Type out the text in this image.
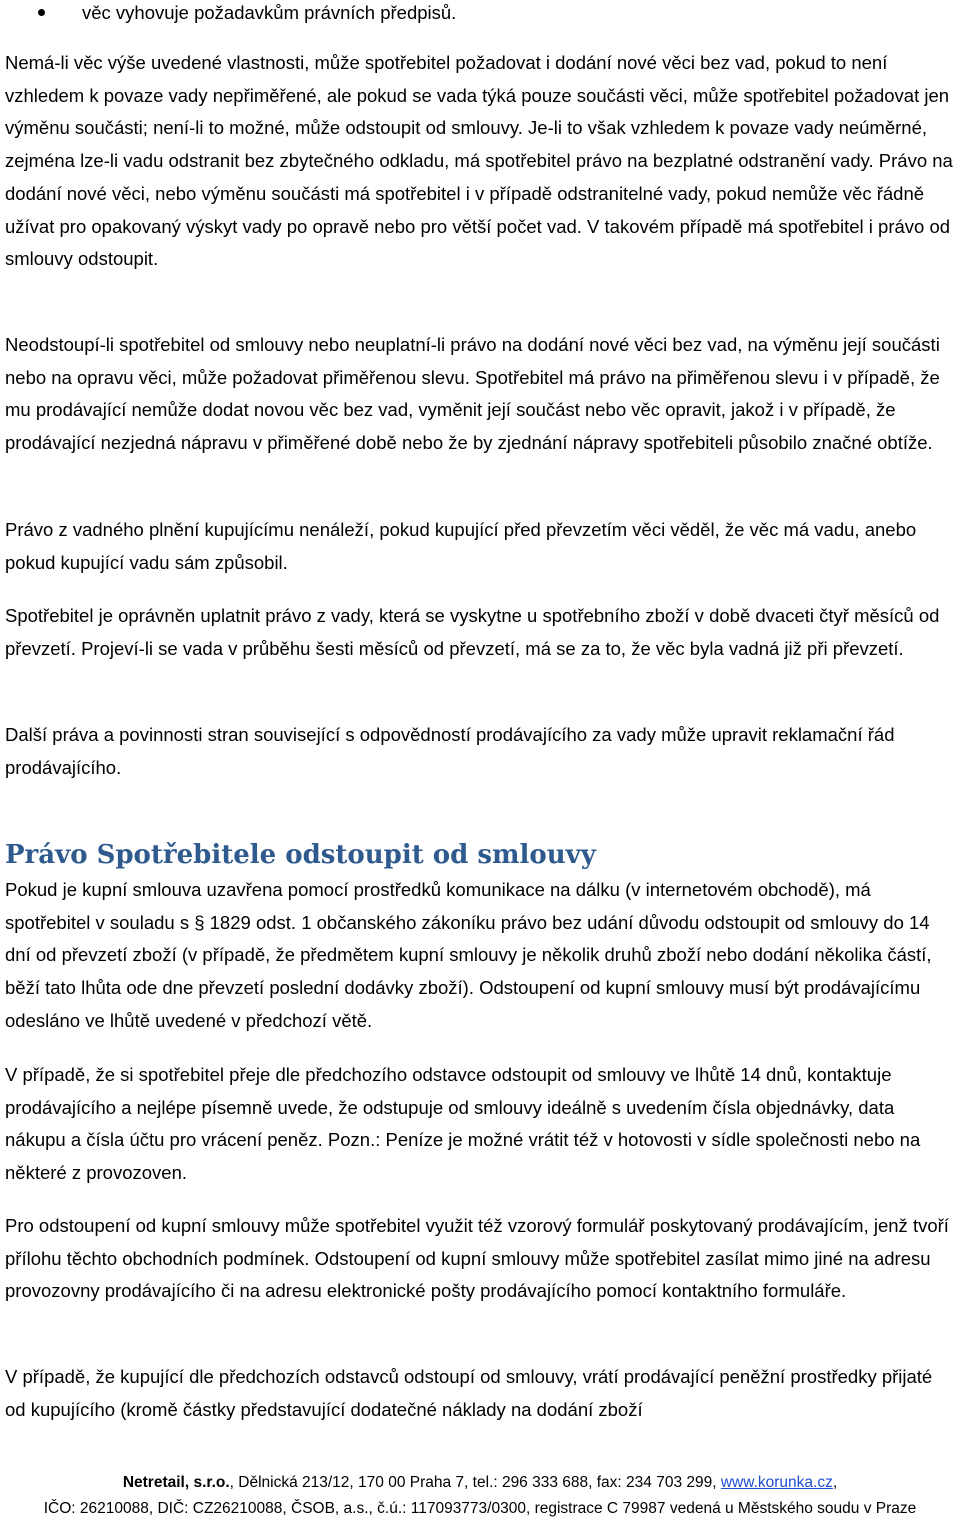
věc vyhovuje požadavkům právních předpisů.

Nemá-li věc výše uvedené vlastnosti, může spotřebitel požadovat i dodání nové věci bez vad, pokud to není vzhledem k povaze vady nepřiměřené, ale pokud se vada týká pouze součásti věci, může spotřebitel požadovat jen výměnu součásti; není-li to možné, může odstoupit od smlouvy. Je-li to však vzhledem k povaze vady neúměrné, zejména lze-li vadu odstranit bez zbytečného odkladu, má spotřebitel právo na bezplatné odstranění vady. Právo na dodání nové věci, nebo výměnu součásti má spotřebitel i v případě odstranitelné vady, pokud nemůže věc řádně užívat pro opakovaný výskyt vady po opravě nebo pro větší počet vad. V takovém případě má spotřebitel i právo od smlouvy odstoupit.

Neodstoupí-li spotřebitel od smlouvy nebo neuplatní-li právo na dodání nové věci bez vad, na výměnu její součásti nebo na opravu věci, může požadovat přiměřenou slevu. Spotřebitel má právo na přiměřenou slevu i v případě, že mu prodávající nemůže dodat novou věc bez vad, vyměnit její součást nebo věc opravit, jakož i v případě, že prodávající nezjedná nápravu v přiměřené době nebo že by zjednání nápravy spotřebiteli působilo značné obtíže.

Právo z vadného plnění kupujícímu nenáleží, pokud kupující před převzetím věci věděl, že věc má vadu, anebo pokud kupující vadu sám způsobil.

Spotřebitel je oprávněn uplatnit právo z vady, která se vyskytne u spotřebního zboží v době dvaceti čtyř měsíců od převzetí. Projeví-li se vada v průběhu šesti měsíců od převzetí, má se za to, že věc byla vadná již při převzetí.

Další práva a povinnosti stran související s odpovědností prodávajícího za vady může upravit reklamační řád prodávajícího.

Právo Spotřebitele odstoupit od smlouvy

Pokud je kupní smlouva uzavřena pomocí prostředků komunikace na dálku (v internetovém obchodě), má spotřebitel v souladu s § 1829 odst. 1 občanského zákoníku právo bez udání důvodu odstoupit od smlouvy do 14 dní od převzetí zboží (v případě, že předmětem kupní smlouvy je několik druhů zboží nebo dodání několika částí, běží tato lhůta ode dne převzetí poslední dodávky zboží). Odstoupení od kupní smlouvy musí být prodávajícímu odesláno ve lhůtě uvedené v předchozí větě.

V případě, že si spotřebitel přeje dle předchozího odstavce odstoupit od smlouvy ve lhůtě 14 dnů, kontaktuje prodávajícího a nejlépe písemně uvede, že odstupuje od smlouvy ideálně s uvedením čísla objednávky, data nákupu a čísla účtu pro vrácení peněz. Pozn.: Peníze je možné vrátit též v hotovosti v sídle společnosti nebo na některé z provozoven.

Pro odstoupení od kupní smlouvy může spotřebitel využit též vzorový formulář poskytovaný prodávajícím, jenž tvoří přílohu těchto obchodních podmínek. Odstoupení od kupní smlouvy může spotřebitel zasílat mimo jiné na adresu provozovny prodávajícího či na adresu elektronické pošty prodávajícího pomocí kontaktního formuláře.

V případě, že kupující dle předchozích odstavců odstoupí od smlouvy, vrátí prodávající peněžní prostředky přijaté od kupujícího (kromě částky představující dodatečné náklady na dodání zboží

Netretail, s.r.o., Dělnická 213/12, 170 00 Praha 7, tel.: 296 333 688, fax: 234 703 299, www.korunka.cz,
IČO: 26210088, DIČ: CZ26210088, ČSOB, a.s., č.ú.: 117093773/0300, registrace C 79987 vedená u Městského soudu v Praze
